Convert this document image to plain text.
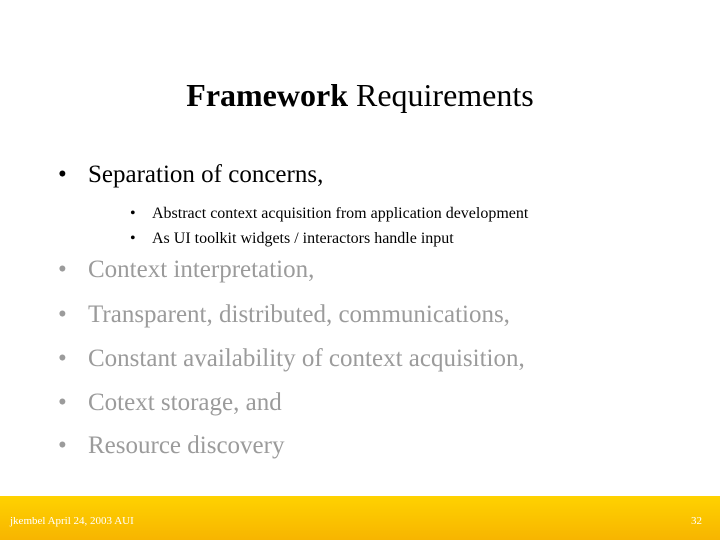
Framework Requirements
• Separation of concerns,
• Abstract context acquisition from application development
• As UI toolkit widgets / interactors handle input
• Context interpretation,
• Transparent, distributed, communications,
• Constant availability of context acquisition,
• Cotext storage, and
• Resource discovery
jkembel April 24, 2003 AUI	32
